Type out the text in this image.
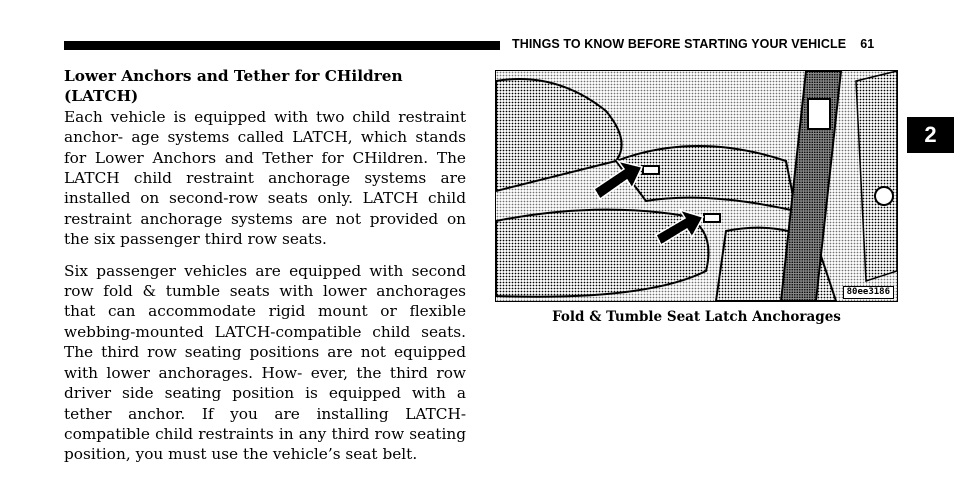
THINGS TO KNOW BEFORE STARTING YOUR VEHICLE 61
2

Lower Anchors and Tether for CHildren (LATCH)

Each vehicle is equipped with two child restraint anchor- age systems called LATCH, which stands for Lower Anchors and Tether for CHildren. The LATCH child restraint anchorage systems are installed on second-row seats only. LATCH child restraint anchorage systems are not provided on the six passenger third row seats.

Six passenger vehicles are equipped with second row fold & tumble seats with lower anchorages that can accommodate rigid mount or flexible webbing-mounted LATCH-compatible child seats. The third row seating positions are not equipped with lower anchorages. How- ever, the third row driver side seating position is equipped with a tether anchor. If you are installing LATCH-compatible child restraints in any third row seating position, you must use the vehicle’s seat belt.

80ee3186
Fold & Tumble Seat Latch Anchorages
